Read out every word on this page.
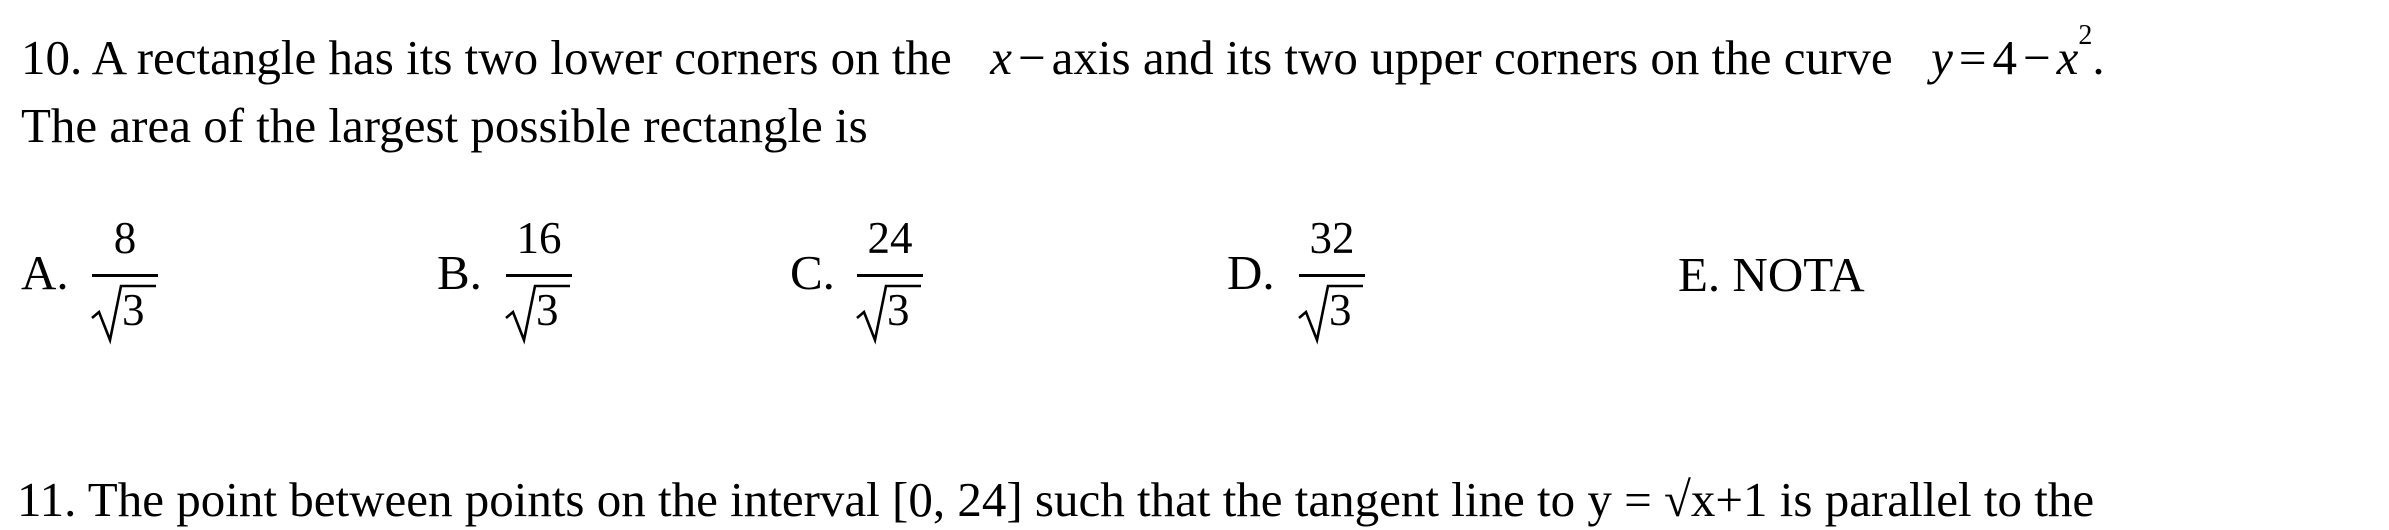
10. A rectangle has its two lower corners on the x − axis and its two upper corners on the curve $y = 4 - x^2$.
The area of the largest possible rectangle is
A.
8
3
B.
16
3
C.
24
3
D.
32
3
E. NOTA
11. The point between points on the interval [0, 24] such that the tangent line to y = √x+1 is parallel to the
